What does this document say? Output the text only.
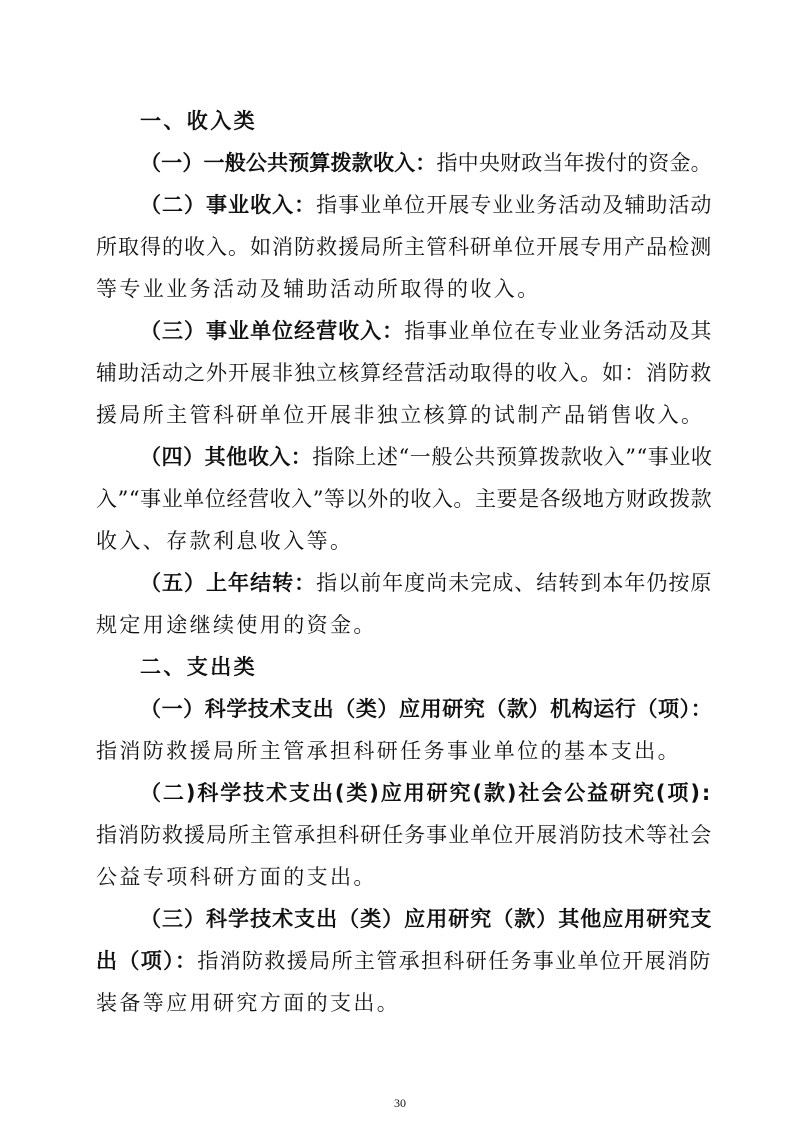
一、收入类
（一）一般公共预算拨款收入：指中央财政当年拨付的资金。
（二）事业收入：指事业单位开展专业业务活动及辅助活动
所取得的收入。如消防救援局所主管科研单位开展专用产品检测
等专业业务活动及辅助活动所取得的收入。
（三）事业单位经营收入：指事业单位在专业业务活动及其
辅助活动之外开展非独立核算经营活动取得的收入。如：消防救
援局所主管科研单位开展非独立核算的试制产品销售收入。
（四）其他收入：指除上述“一般公共预算拨款收入”“事业收
入”“事业单位经营收入”等以外的收入。主要是各级地方财政拨款
收入、存款利息收入等。
（五）上年结转：指以前年度尚未完成、结转到本年仍按原
规定用途继续使用的资金。
二、支出类
（一）科学技术支出（类）应用研究（款）机构运行（项）：
指消防救援局所主管承担科研任务事业单位的基本支出。
（二)科学技术支出(类)应用研究(款)社会公益研究(项):
指消防救援局所主管承担科研任务事业单位开展消防技术等社会
公益专项科研方面的支出。
（三）科学技术支出（类）应用研究（款）其他应用研究支
出（项）：指消防救援局所主管承担科研任务事业单位开展消防
装备等应用研究方面的支出。
30
